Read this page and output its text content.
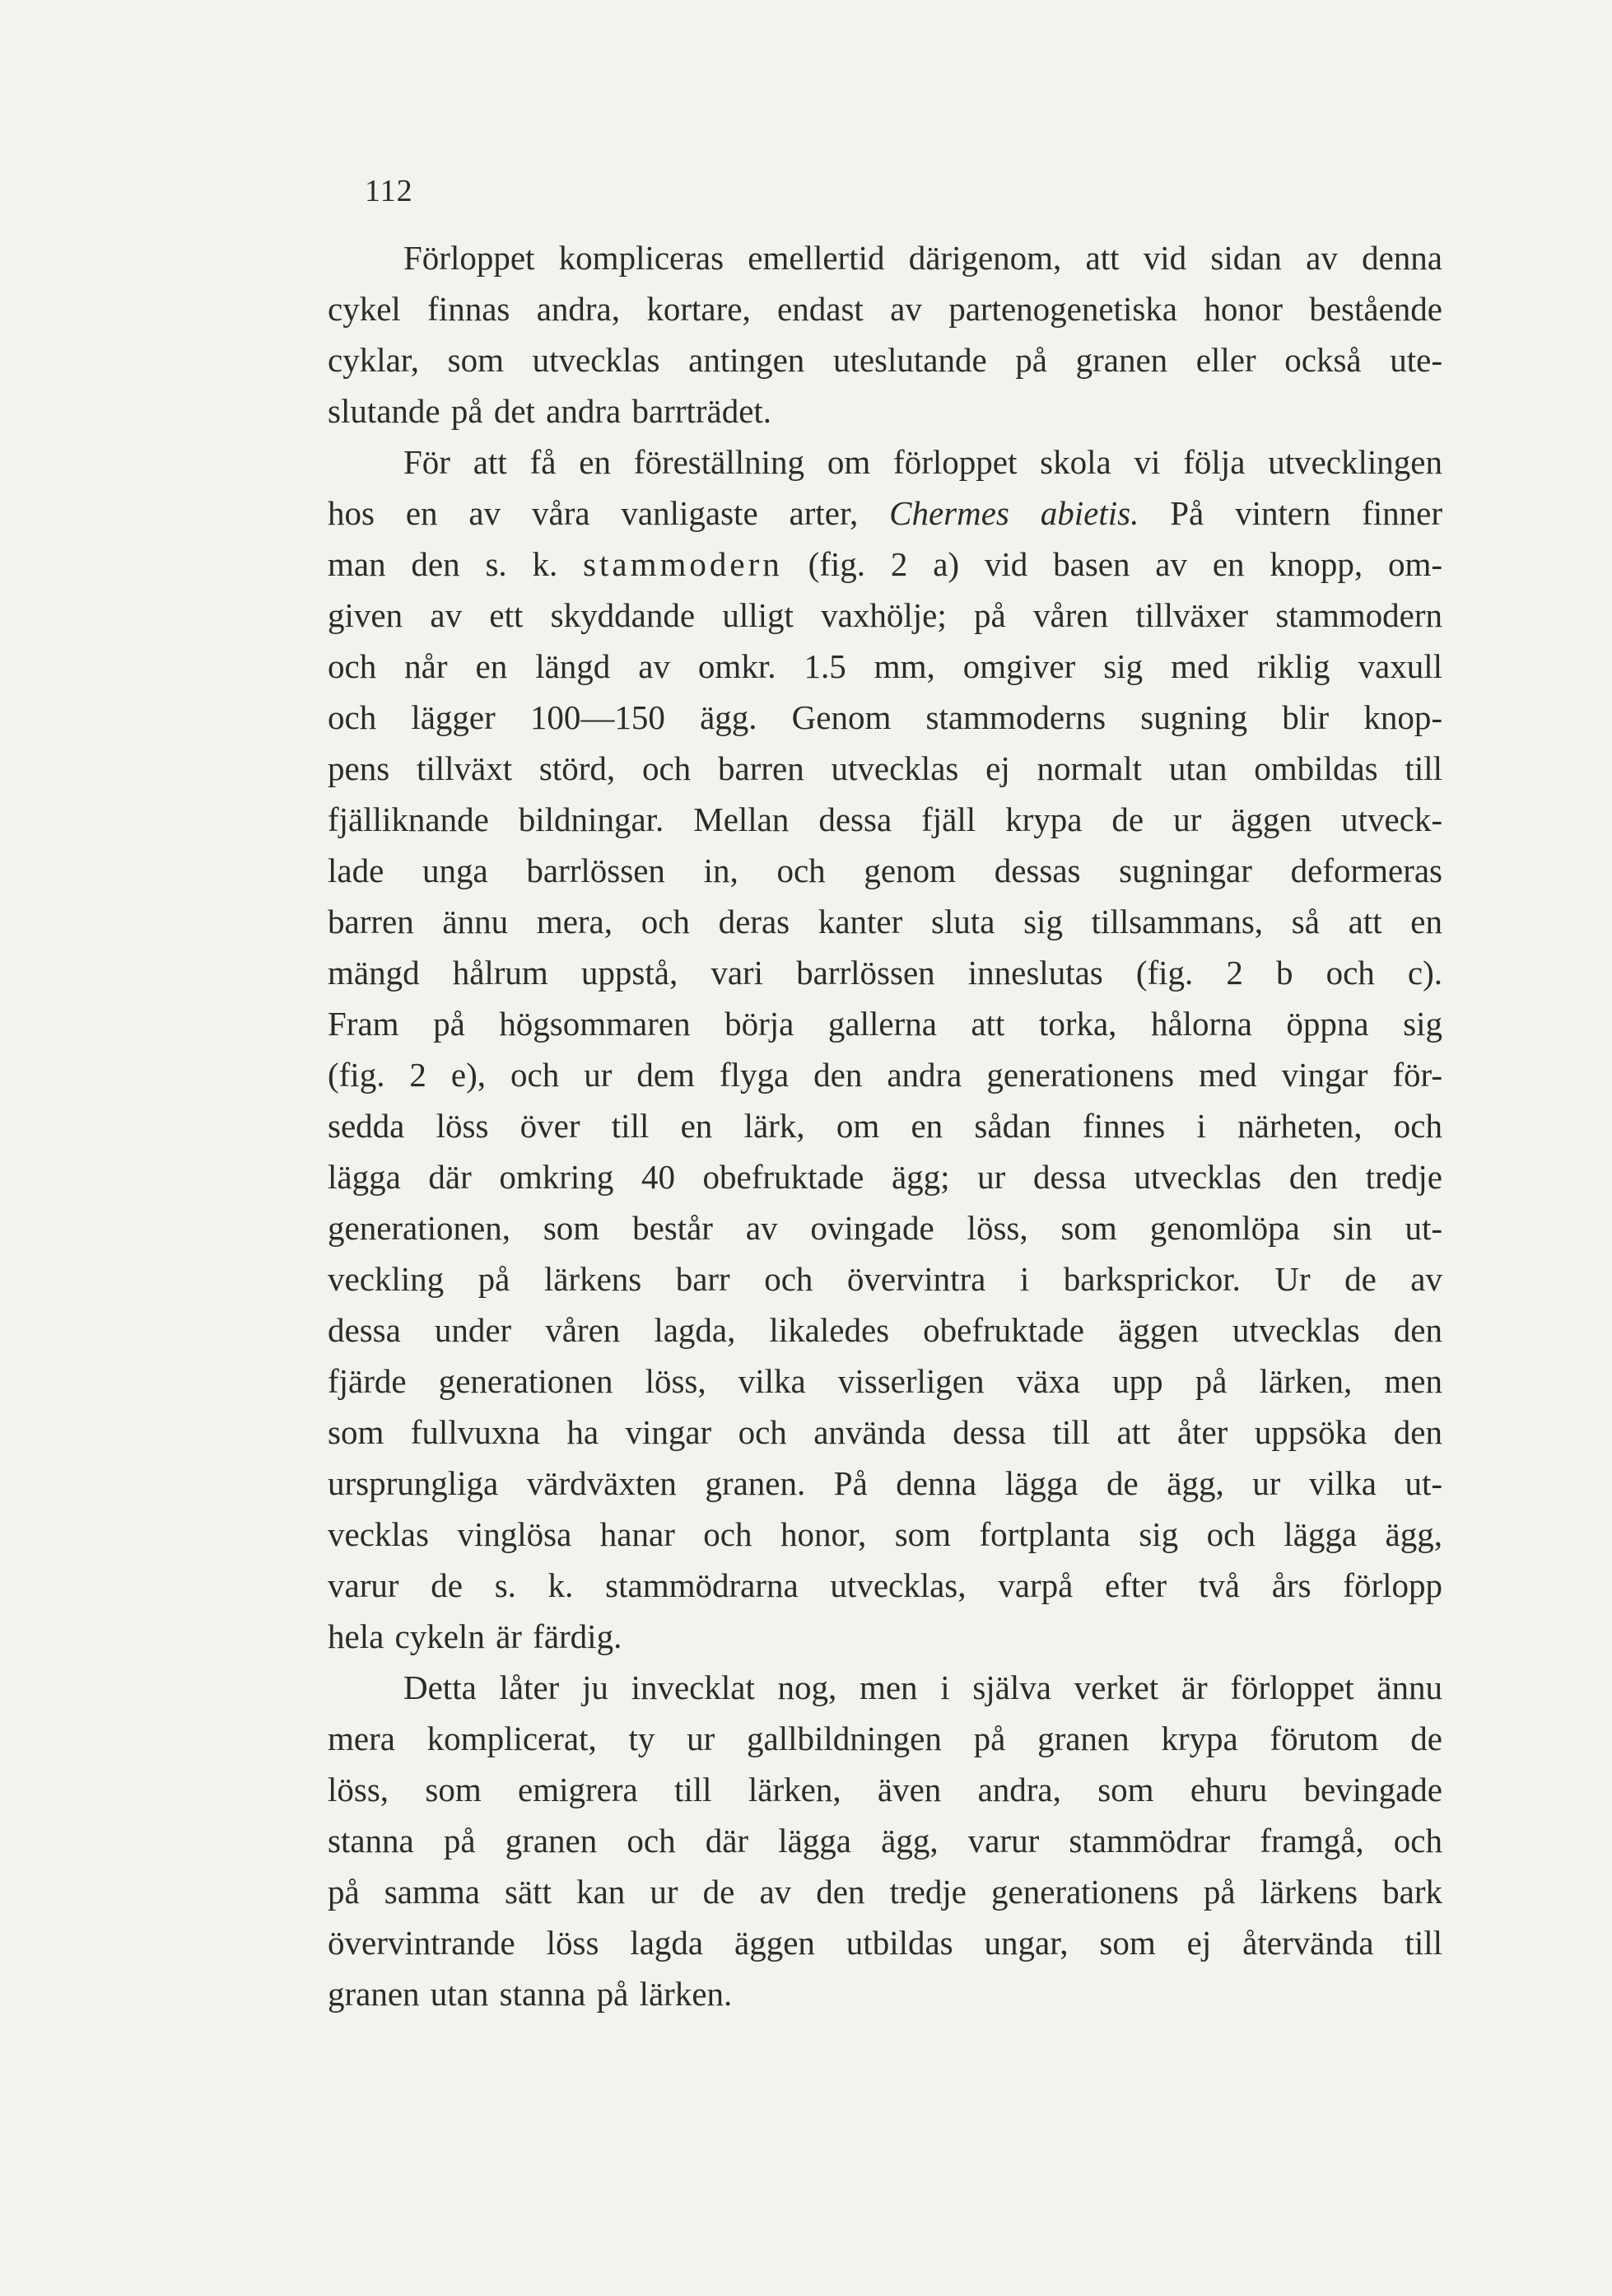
112
Förloppet kompliceras emellertid därigenom, att vid sidan av denna
cykel finnas andra, kortare, endast av partenogenetiska honor bestående
cyklar, som utvecklas antingen uteslutande på granen eller också ute-
slutande på det andra barrträdet.
För att få en föreställning om förloppet skola vi följa utvecklingen
hos en av våra vanligaste arter, Chermes abietis. På vintern finner
man den s. k. stammodern (fig. 2 a) vid basen av en knopp, om-
given av ett skyddande ulligt vaxhölje; på våren tillväxer stammodern
och når en längd av omkr. 1.5 mm, omgiver sig med riklig vaxull
och lägger 100—150 ägg. Genom stammoderns sugning blir knop-
pens tillväxt störd, och barren utvecklas ej normalt utan ombildas till
fjälliknande bildningar. Mellan dessa fjäll krypa de ur äggen utveck-
lade unga barrlössen in, och genom dessas sugningar deformeras
barren ännu mera, och deras kanter sluta sig tillsammans, så att en
mängd hålrum uppstå, vari barrlössen inneslutas (fig. 2 b och c).
Fram på högsommaren börja gallerna att torka, hålorna öppna sig
(fig. 2 e), och ur dem flyga den andra generationens med vingar för-
sedda löss över till en lärk, om en sådan finnes i närheten, och
lägga där omkring 40 obefruktade ägg; ur dessa utvecklas den tredje
generationen, som består av ovingade löss, som genomlöpa sin ut-
veckling på lärkens barr och övervintra i barksprickor. Ur de av
dessa under våren lagda, likaledes obefruktade äggen utvecklas den
fjärde generationen löss, vilka visserligen växa upp på lärken, men
som fullvuxna ha vingar och använda dessa till att åter uppsöka den
ursprungliga värdväxten granen. På denna lägga de ägg, ur vilka ut-
vecklas vinglösa hanar och honor, som fortplanta sig och lägga ägg,
varur de s. k. stammödrarna utvecklas, varpå efter två års förlopp
hela cykeln är färdig.
Detta låter ju invecklat nog, men i själva verket är förloppet ännu
mera komplicerat, ty ur gallbildningen på granen krypa förutom de
löss, som emigrera till lärken, även andra, som ehuru bevingade
stanna på granen och där lägga ägg, varur stammödrar framgå, och
på samma sätt kan ur de av den tredje generationens på lärkens bark
övervintrande löss lagda äggen utbildas ungar, som ej återvända till
granen utan stanna på lärken.
